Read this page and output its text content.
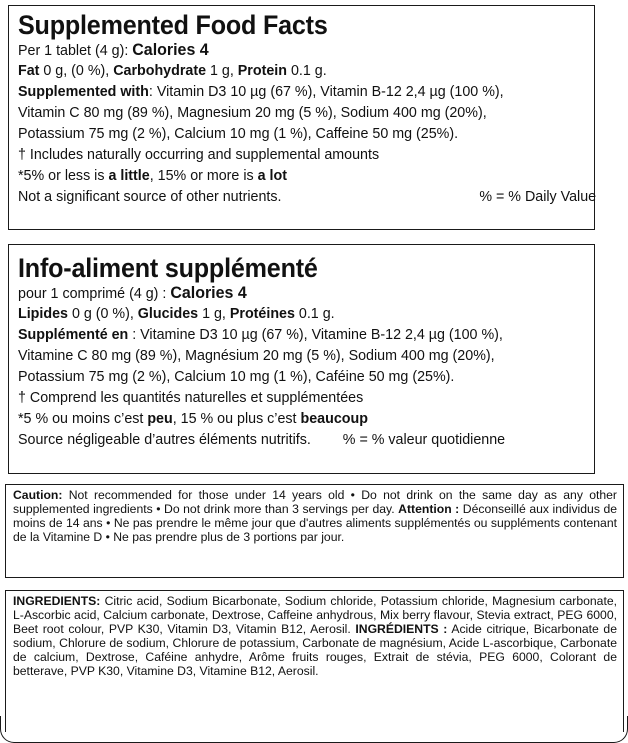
Supplemented Food Facts
Per 1 tablet (4 g): Calories 4
Fat 0 g, (0 %), Carbohydrate 1 g, Protein 0.1 g.
Supplemented with: Vitamin D3 10 µg (67 %), Vitamin B-12 2,4 µg (100 %),
Vitamin C 80 mg (89 %), Magnesium 20 mg (5 %), Sodium 400 mg (20%),
Potassium 75 mg (2 %), Calcium 10 mg (1 %), Caffeine 50 mg (25%).
† Includes naturally occurring and supplemental amounts
*5% or less is a little, 15% or more is a lot
Not a significant source of other nutrients.	% = % Daily Value
Info-aliment supplémenté
pour 1 comprimé (4 g) : Calories 4
Lipides 0 g (0 %), Glucides 1 g, Protéines 0.1 g.
Supplémenté en : Vitamine D3 10 µg (67 %), Vitamine B-12 2,4 µg (100 %),
Vitamine C 80 mg (89 %), Magnésium 20 mg (5 %), Sodium 400 mg (20%),
Potassium 75 mg (2 %), Calcium 10 mg (1 %), Caféine 50 mg (25%).
† Comprend les quantités naturelles et supplémentées
*5 % ou moins c’est peu, 15 % ou plus c’est beaucoup
Source négligeable d’autres éléments nutritifs. % = % valeur quotidienne

Caution: Not recommended for those under 14 years old • Do not drink on the same day as any other supplemented ingredients • Do not drink more than 3 servings per day. Attention : Déconseillé aux individus de moins de 14 ans • Ne pas prendre le même jour que d'autres aliments supplémentés ou suppléments contenant de la Vitamine D • Ne pas prendre plus de 3 portions par jour.

INGREDIENTS: Citric acid, Sodium Bicarbonate, Sodium chloride, Potassium chloride, Magnesium carbonate, L-Ascorbic acid, Calcium carbonate, Dextrose, Caffeine anhydrous, Mix berry flavour, Stevia extract, PEG 6000, Beet root colour, PVP K30, Vitamin D3, Vitamin B12, Aerosil. INGRÉDIENTS : Acide citrique, Bicarbonate de sodium, Chlorure de sodium, Chlorure de potassium, Carbonate de magnésium, Acide L-ascorbique, Carbonate de calcium, Dextrose, Caféine anhydre, Arôme fruits rouges, Extrait de stévia, PEG 6000, Colorant de betterave, PVP K30, Vitamine D3, Vitamine B12, Aerosil.
